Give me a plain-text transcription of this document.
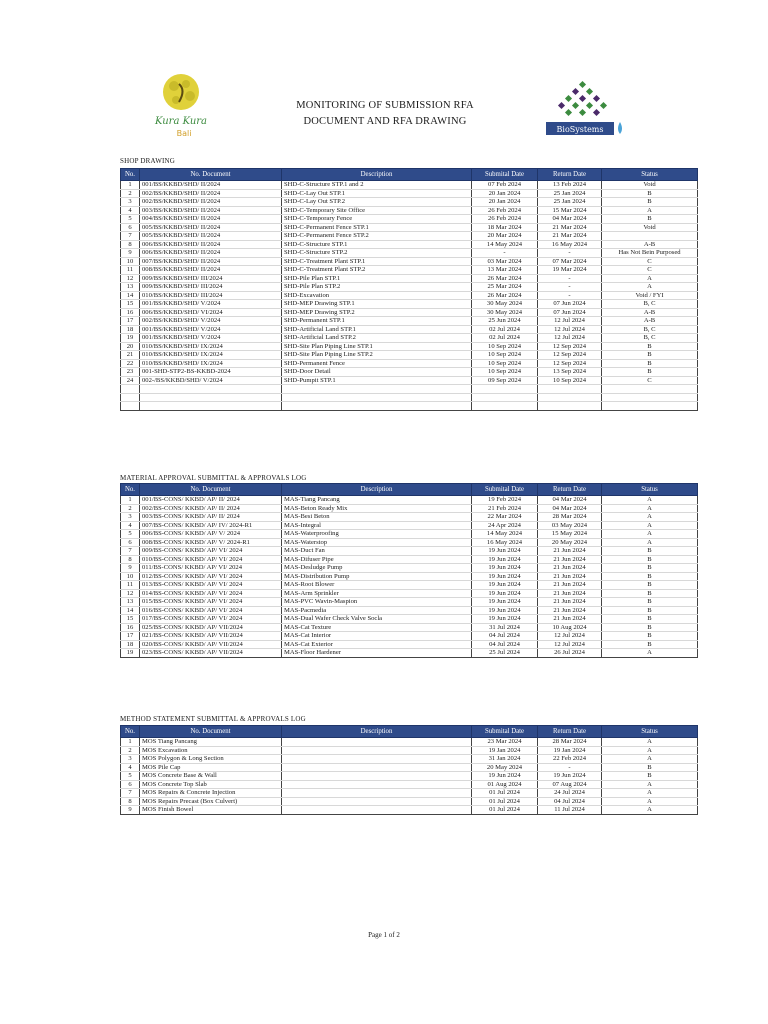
Kura Kura
Bali	BioSystems
MONITORING OF SUBMISSION RFA
DOCUMENT AND RFA DRAWING
SHOP DRAWING
No.	No. Document	Description	Submital Date	Return Date	Status
1	001/BS/KKBD/SHD/ II/2024	SHD-C-Structure STP.1 and 2	07 Feb 2024	13 Feb 2024	Void
2	002/BS/KKBD/SHD/ II/2024	SHD-C-Lay Out STP.1	20 Jan 2024	25 Jan 2024	B
3	002/BS/KKBD/SHD/ II/2024	SHD-C-Lay Out STP.2	20 Jan 2024	25 Jan 2024	B
4	003/BS/KKBD/SHD/ II/2024	SHD-C-Temporary Site Office	26 Feb 2024	15 Mar 2024	A
5	004/BS/KKBD/SHD/ II/2024	SHD-C-Temporary Fence	26 Feb 2024	04 Mar 2024	B
6	005/BS/KKBD/SHD/ II/2024	SHD-C-Permanent Fence STP.1	18 Mar 2024	21 Mar 2024	Void
7	005/BS/KKBD/SHD/ II/2024	SHD-C-Permanent Fence STP.2	20 Mar 2024	21 Mar 2024	
8	006/BS/KKBD/SHD/ II/2024	SHD-C-Structure STP.1	14 May 2024	16 May 2024	A-B
9	006/BS/KKBD/SHD/ II/2024	SHD-C-Structure STP.2	-	-	Has Not Bein Purposed
10	007/BS/KKBD/SHD/ II/2024	SHD-C-Treatment Plant STP.1	03 Mar 2024	07 Mar 2024	C
11	008/BS/KKBD/SHD/ II/2024	SHD-C-Treatment Plant STP.2	13 Mar 2024	19 Mar 2024	C
12	009/BS/KKBD/SHD/ III/2024	SHD-Pile Plan STP.1	26 Mar 2024	-	A
13	009/BS/KKBD/SHD/ III/2024	SHD-Pile Plan STP.2	25 Mar 2024	-	A
14	010/BS/KKBD/SHD/ III/2024	SHD-Excavation	26 Mar 2024	-	Void / FYI
15	001/BS/KKBD/SHD/ V/2024	SHD-MEP Drawing STP.1	30 May 2024	07 Jun 2024	B, C
16	006/BS/KKBD/SHD/ VI/2024	SHD-MEP Drawing STP.2	30 May 2024	07 Jun 2024	A-B
17	002/BS/KKBD/SHD/ V/2024	SHD-Permanent STP.1	25 Jun 2024	12 Jul 2024	A-B
18	001/BS/KKBD/SHD/ V/2024	SHD-Artificial Land STP.1	02 Jul 2024	12 Jul 2024	B, C
19	001/BS/KKBD/SHD/ V/2024	SHD-Artificial Land STP.2	02 Jul 2024	12 Jul 2024	B, C
20	010/BS/KKBD/SHD/ IX/2024	SHD-Site Plan Piping Line STP.1	10 Sep 2024	12 Sep 2024	B
21	010/BS/KKBD/SHD/ IX/2024	SHD-Site Plan Piping Line STP.2	10 Sep 2024	12 Sep 2024	B
22	010/BS/KKBD/SHD/ IX/2024	SHD-Permanent Fence	10 Sep 2024	12 Sep 2024	B
23	001-SHD-STP2-BS-KKBD-2024	SHD-Door Detail	10 Sep 2024	13 Sep 2024	B
24	002-/BS/KKBD/SHD/ V/2024	SHD-Pumpit STP.1	09 Sep 2024	10 Sep 2024	C

MATERIAL APPROVAL SUBMITTAL & APPROVALS LOG
No.	No. Document	Description	Submital Date	Return Date	Status
1	001/BS-CONS/ KKBD/ AP/ II/ 2024	MAS-Tiang Pancang	19 Feb 2024	04 Mar 2024	A
2	002/BS-CONS/ KKBD/ AP/ II/ 2024	MAS-Beton Ready Mix	21 Feb 2024	04 Mar 2024	A
3	003/BS-CONS/ KKBD/ AP/ II/ 2024	MAS-Besi Beton	22 Mar 2024	28 Mar 2024	A
4	007/BS-CONS/ KKBD/ AP/ IV/ 2024-R1	MAS-Integral	24 Apr 2024	03 May 2024	A
5	006/BS-CONS/ KKBD/ AP/ V/ 2024	MAS-Waterproofing	14 May 2024	15 May 2024	A
6	008/BS-CONS/ KKBD/ AP/ V/ 2024-R1	MAS-Waterstop	16 May 2024	20 May 2024	A
7	009/BS-CONS/ KKBD/ AP/ VI/ 2024	MAS-Duct Fan	19 Jun 2024	21 Jun 2024	B
8	010/BS-CONS/ KKBD/ AP/ VI/ 2024	MAS-Difuser Pipe	19 Jun 2024	21 Jun 2024	B
9	011/BS-CONS/ KKBD/ AP/ VI/ 2024	MAS-Desludge Pump	19 Jun 2024	21 Jun 2024	B
10	012/BS-CONS/ KKBD/ AP/ VI/ 2024	MAS-Distribution Pump	19 Jun 2024	21 Jun 2024	B
11	013/BS-CONS/ KKBD/ AP/ VI/ 2024	MAS-Root Blower	19 Jun 2024	21 Jun 2024	B
12	014/BS-CONS/ KKBD/ AP/ VI/ 2024	MAS-Arm Sprinkler	19 Jun 2024	21 Jun 2024	B
13	015/BS-CONS/ KKBD/ AP/ VI/ 2024	MAS-PVC Wavin-Maspion	19 Jun 2024	21 Jun 2024	B
14	016/BS-CONS/ KKBD/ AP/ VI/ 2024	MAS-Pacmedia	19 Jun 2024	21 Jun 2024	B
15	017/BS-CONS/ KKBD/ AP/ VI/ 2024	MAS-Dual Wafer Check Valve Socla	19 Jun 2024	21 Jun 2024	B
16	025/BS-CONS/ KKBD/ AP/ VII/2024	MAS-Cat Texture	31 Jul 2024	10 Aug 2024	B
17	021/BS-CONS/ KKBD/ AP/ VII/2024	MAS-Cat Interior	04 Jul 2024	12 Jul 2024	B
18	020/BS-CONS/ KKBD/ AP/ VII/2024	MAS-Cat Exterior	04 Jul 2024	12 Jul 2024	B
19	023/BS-CONS/ KKBD/ AP/ VII/2024	MAS-Floor Hardener	25 Jul 2024	26 Jul 2024	A
METHOD STATEMENT SUBMITTAL & APPROVALS LOG
No.	No. Document	Description	Submital Date	Return Date	Status
1	MOS Tiang Pancang		23 Mar 2024	28 Mar 2024	A
2	MOS Excavation		19 Jan 2024	19 Jan 2024	A
3	MOS Polygon & Long Section		31 Jan 2024	22 Feb 2024	A
4	MOS Pile Cap		20 May 2024	-	B
5	MOS Concrete Base & Wall		19 Jun 2024	19 Jun 2024	B
6	MOS Concrete Top Slab		01 Aug 2024	07 Aug 2024	A
7	MOS Repairs & Concrete Injection		01 Jul 2024	24 Jul 2024	A
8	MOS Repairs Precast (Box Culvert)		01 Jul 2024	04 Jul 2024	A
9	MOS Finish Bowel		01 Jul 2024	11 Jul 2024	A
Page 1 of 2
